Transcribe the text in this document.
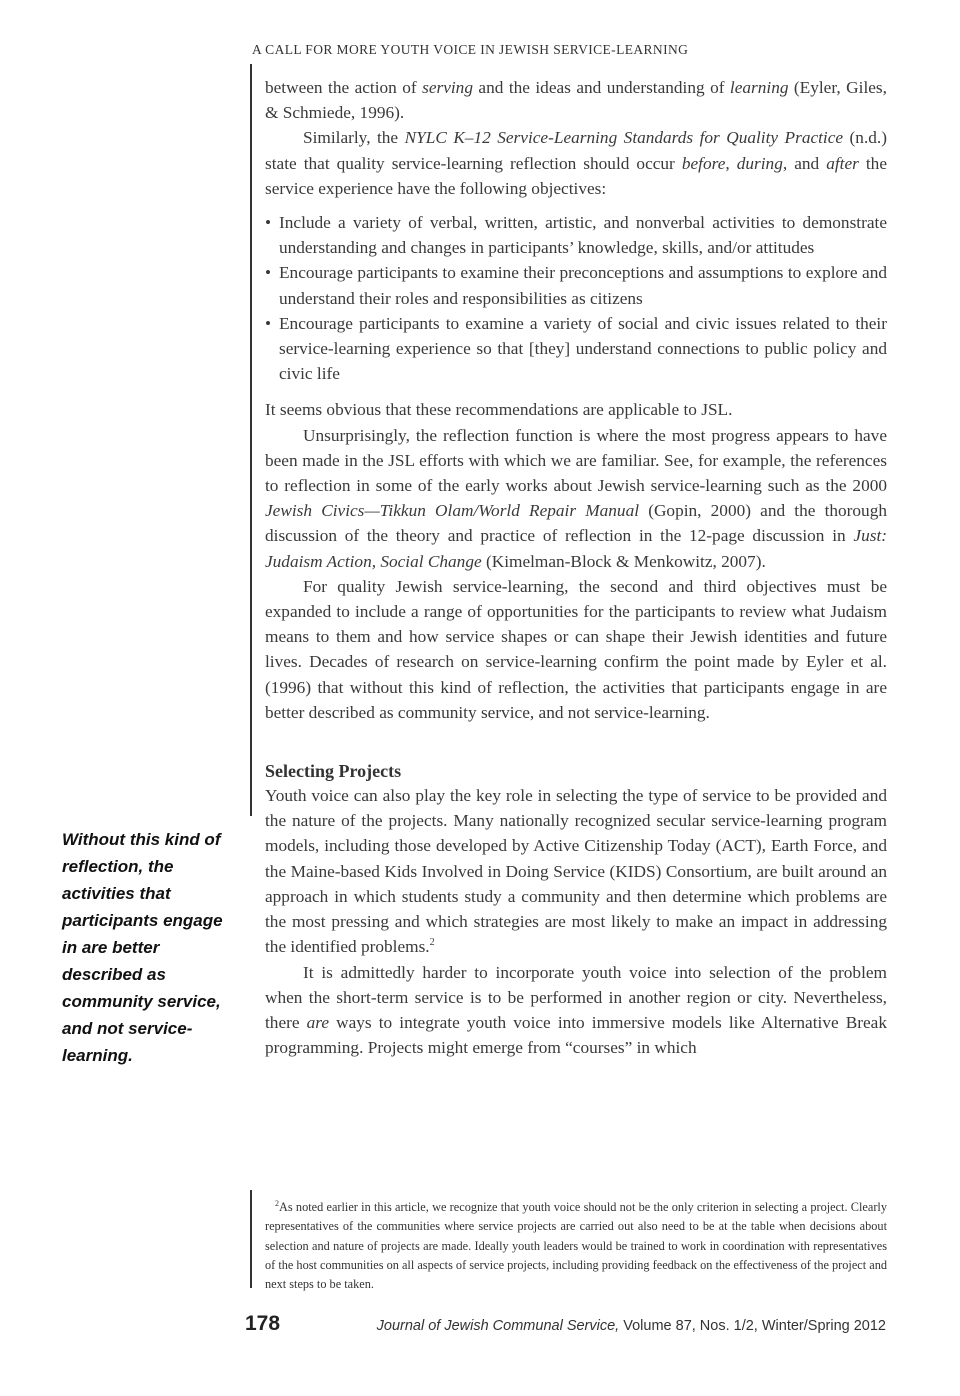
A CALL FOR MORE YOUTH VOICE IN JEWISH SERVICE-LEARNING

between the action of serving and the ideas and understanding of learning (Eyler, Giles, & Schmiede, 1996).

Similarly, the NYLC K–12 Service-Learning Standards for Quality Practice (n.d.) state that quality service-learning reflection should occur before, during, and after the service experience have the following objectives:

• Include a variety of verbal, written, artistic, and nonverbal activities to demonstrate understanding and changes in participants’ knowledge, skills, and/or attitudes
• Encourage participants to examine their preconceptions and assumptions to explore and understand their roles and responsibilities as citizens
• Encourage participants to examine a variety of social and civic issues related to their service-learning experience so that [they] understand connections to public policy and civic life

It seems obvious that these recommendations are applicable to JSL.

Unsurprisingly, the reflection function is where the most progress appears to have been made in the JSL efforts with which we are familiar. See, for example, the references to reflection in some of the early works about Jewish service-learning such as the 2000 Jewish Civics—Tikkun Olam/World Repair Manual (Gopin, 2000) and the thorough discussion of the theory and practice of reflection in the 12-page discussion in Just: Judaism Action, Social Change (Kimelman-Block & Menkowitz, 2007).

For quality Jewish service-learning, the second and third objectives must be expanded to include a range of opportunities for the participants to review what Judaism means to them and how service shapes or can shape their Jewish identities and future lives. Decades of research on service-learning confirm the point made by Eyler et al. (1996) that without this kind of reflection, the activities that participants engage in are better described as community service, and not service-learning.

Selecting Projects

Youth voice can also play the key role in selecting the type of service to be provided and the nature of the projects. Many nationally recognized secular service-learning program models, including those developed by Active Citizenship Today (ACT), Earth Force, and the Maine-based Kids Involved in Doing Service (KIDS) Consortium, are built around an approach in which students study a community and then determine which problems are the most pressing and which strategies are most likely to make an impact in addressing the identified problems.$^2$

It is admittedly harder to incorporate youth voice into selection of the problem when the short-term service is to be performed in another region or city. Nevertheless, there are ways to integrate youth voice into immersive models like Alternative Break programming. Projects might emerge from “courses” in which

Without this kind of reflection, the activities that participants engage in are better described as community service, and not service-learning.

$^2$As noted earlier in this article, we recognize that youth voice should not be the only criterion in selecting a project. Clearly representatives of the communities where service projects are carried out also need to be at the table when decisions about selection and nature of projects are made. Ideally youth leaders would be trained to work in coordination with representatives of the host communities on all aspects of service projects, including providing feedback on the effectiveness of the project and next steps to be taken.

178	Journal of Jewish Communal Service, Volume 87, Nos. 1/2, Winter/Spring 2012
